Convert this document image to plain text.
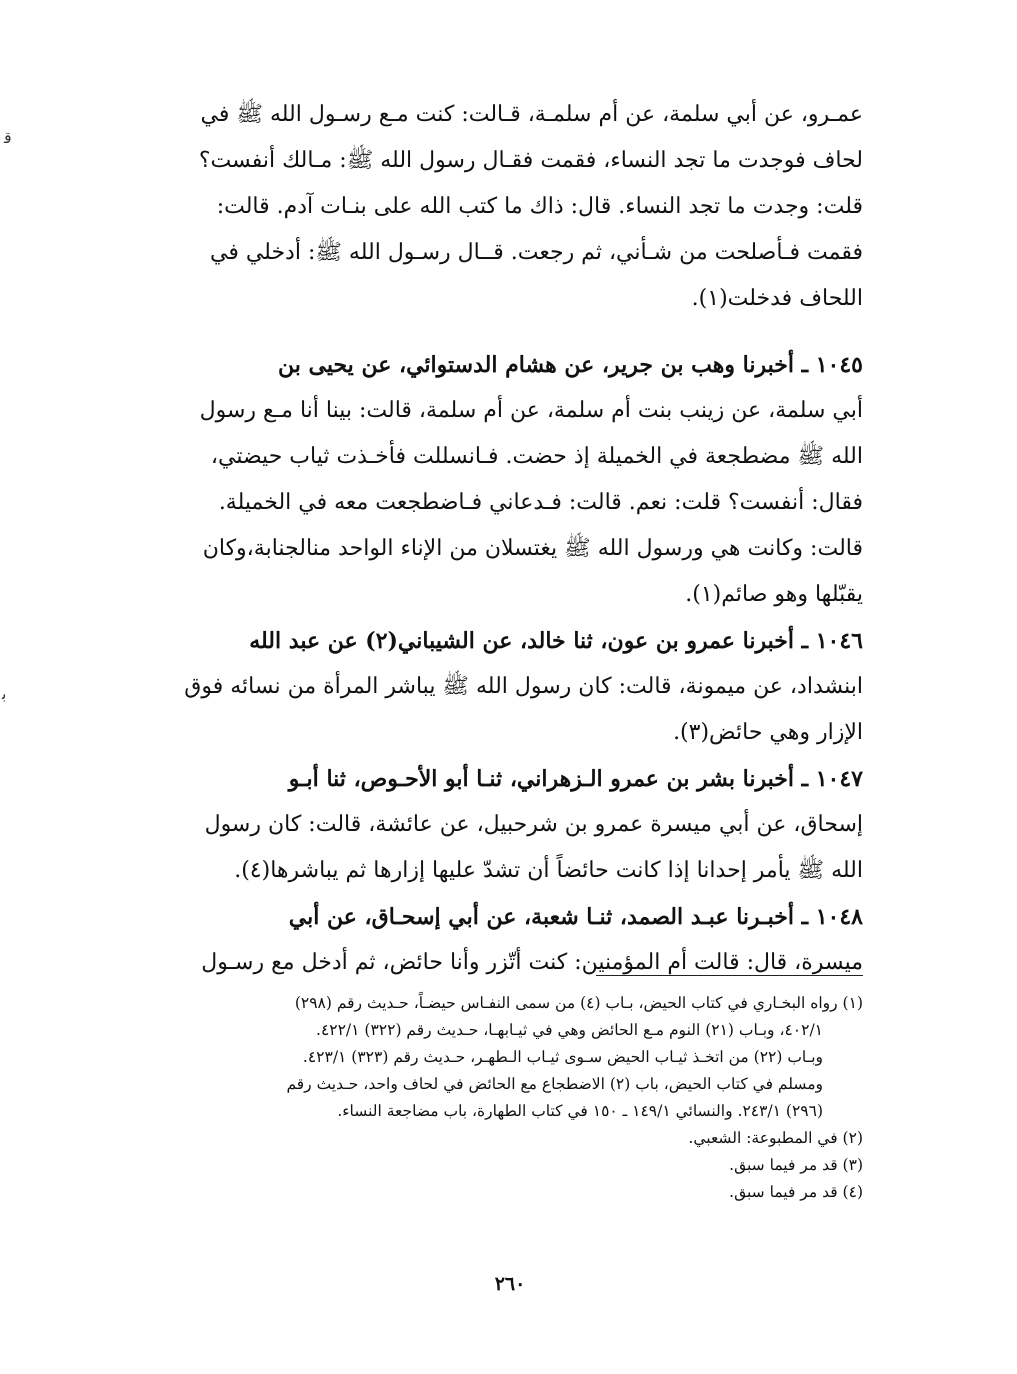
ﻗ
ﺑ
عمـرو، عن أبي سلمة، عن أم سلمـة، قـالت: كنت مـع رسـول الله ﷺ في
لحاف فوجدت ما تجد النساء، فقمت فقـال رسول الله ﷺ: مـالك أنفست؟
قلت: وجدت ما تجد النساء. قال: ذاك ما كتب الله على بنـات آدم. قالت:
فقمت فـأصلحت من شـأني، ثم رجعت. قــال رسـول الله ﷺ: أدخلي في
اللحاف فدخلت(١).
١٠٤٥ ـ أخبرنا وهب بن جرير، عن هشام الدستوائي، عن يحيى بن
أبي سلمة، عن زينب بنت أم سلمة، عن أم سلمة، قالت: بينا أنا مـع رسول
الله ﷺ مضطجعة في الخميلة إذ حضت. فـانسللت فأخـذت ثياب حيضتي،
فقال: أنفست؟ قلت: نعم. قالت: فـدعاني فـاضطجعت معه في الخميلة.
قالت: وكانت هي ورسول الله ﷺ يغتسلان من الإناء الواحد منالجنابة،وكان
يقبّلها وهو صائم(١).
١٠٤٦ ـ أخبرنا عمرو بن عون، ثنا خالد، عن الشيباني(٢) عن عبد الله
ابنشداد، عن ميمونة، قالت: كان رسول الله ﷺ يباشر المرأة من نسائه فوق
الإزار وهي حائض(٣).
١٠٤٧ ـ أخبرنا بشر بن عمرو الـزهراني، ثنـا أبو الأحـوص، ثنا أبـو
إسحاق، عن أبي ميسرة عمرو بن شرحبيل، عن عائشة، قالت: كان رسول
الله ﷺ يأمر إحدانا إذا كانت حائضاً أن تشدّ عليها إزارها ثم يباشرها(٤).
١٠٤٨ ـ أخبـرنا عبـد الصمد، ثنـا شعبة، عن أبي إسحـاق، عن أبي
ميسرة، قال: قالت أم المؤمنين: كنت أتّزر وأنا حائض، ثم أدخل مع رسـول
(١) رواه البخـاري في كتاب الحيض، بـاب (٤) من سمى النفـاس حيضـاً، حـديث رقم (٢٩٨)
٤٠٢/١، وبـاب (٢١) النوم مـع الحائض وهي في ثيـابهـا، حـديث رقم (٣٢٢) ٤٢٢/١.
وبـاب (٢٢) من اتخـذ ثيـاب الحيض سـوى ثيـاب الـطهـر، حـديث رقم (٣٢٣) ٤٢٣/١.
ومسلم في كتاب الحيض، باب (٢) الاضطجاع مع الحائض في لحاف واحد، حـديث رقم
(٢٩٦) ٢٤٣/١. والنسائي ١٤٩/١ ـ ١٥٠ في كتاب الطهارة، باب مضاجعة النساء.
(٢) في المطبوعة: الشعبي.
(٣) قد مر فيما سبق.
(٤) قد مر فيما سبق.
٢٦٠
